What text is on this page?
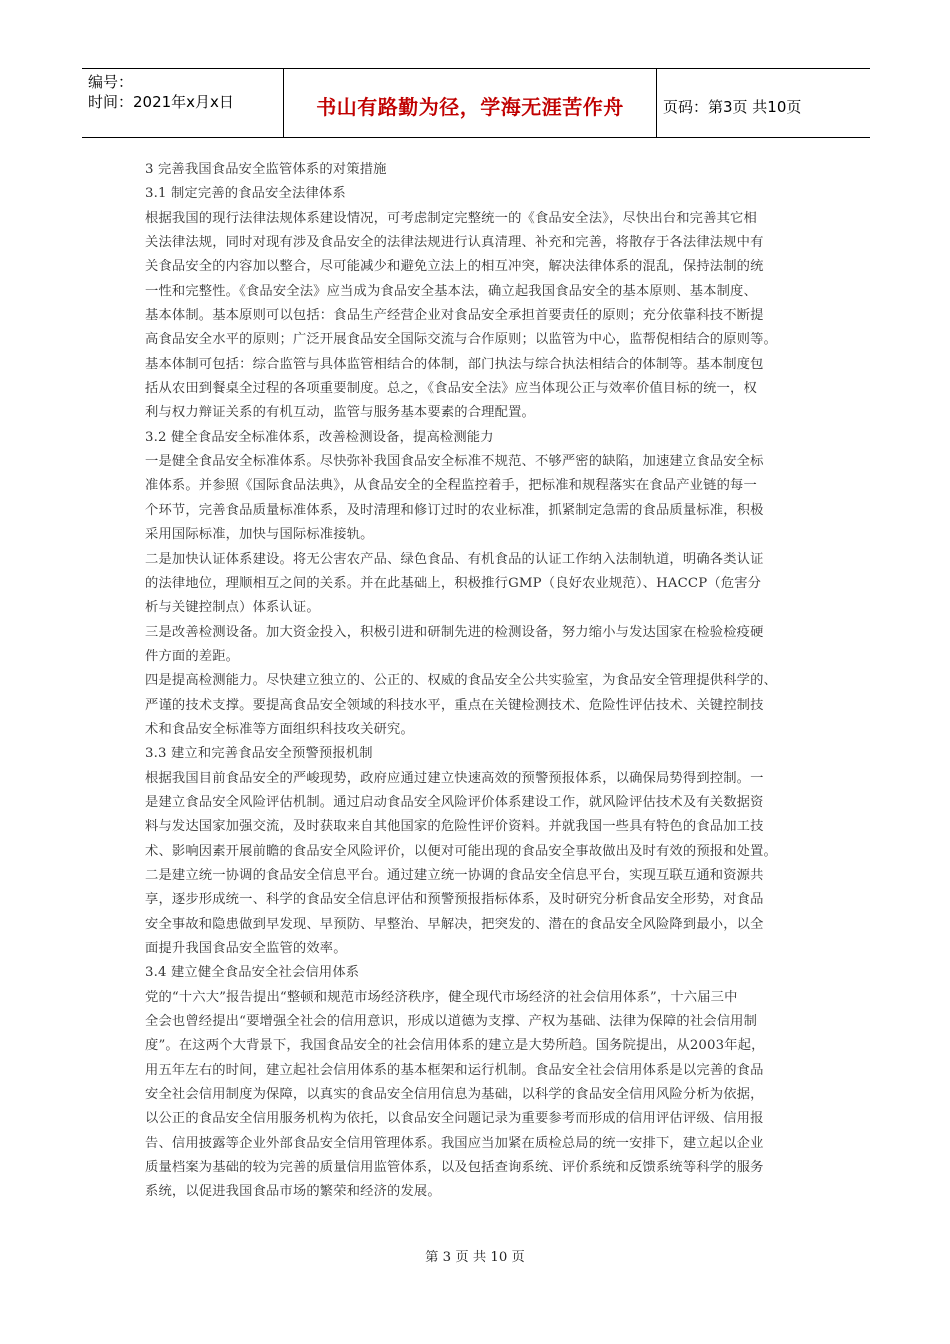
编号：
时间：2021年x月x日	书山有路勤为径，学海无涯苦作舟	页码：第3页 共10页
3 完善我国食品安全监管体系的对策措施
3.1 制定完善的食品安全法律体系
根据我国的现行法律法规体系建设情况，可考虑制定完整统一的《食品安全法》，尽快出台和完善其它相
关法律法规，同时对现有涉及食品安全的法律法规进行认真清理、补充和完善，将散存于各法律法规中有
关食品安全的内容加以整合，尽可能减少和避免立法上的相互冲突，解决法律体系的混乱，保持法制的统
一性和完整性。《食品安全法》应当成为食品安全基本法，确立起我国食品安全的基本原则、基本制度、
基本体制。基本原则可以包括：食品生产经营企业对食品安全承担首要责任的原则；充分依靠科技不断提
高食品安全水平的原则；广泛开展食品安全国际交流与合作原则；以监管为中心，监帮倪相结合的原则等。
基本体制可包括：综合监管与具体监管相结合的体制，部门执法与综合执法相结合的体制等。基本制度包
括从农田到餐桌全过程的各项重要制度。总之，《食品安全法》应当体现公正与效率价值目标的统一，权
利与权力辩证关系的有机互动，监管与服务基本要素的合理配置。
3.2 健全食品安全标准体系，改善检测设备，提高检测能力
一是健全食品安全标准体系。尽快弥补我国食品安全标准不规范、不够严密的缺陷，加速建立食品安全标
准体系。并参照《国际食品法典》，从食品安全的全程监控着手，把标准和规程落实在食品产业链的每一
个环节，完善食品质量标准体系，及时清理和修订过时的农业标准，抓紧制定急需的食品质量标准，积极
采用国际标准，加快与国际标准接轨。
二是加快认证体系建设。将无公害农产品、绿色食品、有机食品的认证工作纳入法制轨道，明确各类认证
的法律地位，理顺相互之间的关系。并在此基础上，积极推行GMP（良好农业规范）、HACCP（危害分
析与关键控制点）体系认证。
三是改善检测设备。加大资金投入，积极引进和研制先进的检测设备，努力缩小与发达国家在检验检疫硬
件方面的差距。
四是提高检测能力。尽快建立独立的、公正的、权威的食品安全公共实验室，为食品安全管理提供科学的、
严谨的技术支撑。要提高食品安全领域的科技水平，重点在关键检测技术、危险性评估技术、关键控制技
术和食品安全标准等方面组织科技攻关研究。
3.3 建立和完善食品安全预警预报机制
根据我国目前食品安全的严峻现势，政府应通过建立快速高效的预警预报体系，以确保局势得到控制。一
是建立食品安全风险评估机制。通过启动食品安全风险评价体系建设工作，就风险评估技术及有关数据资
料与发达国家加强交流，及时获取来自其他国家的危险性评价资料。并就我国一些具有特色的食品加工技
术、影响因素开展前瞻的食品安全风险评价，以便对可能出现的食品安全事故做出及时有效的预报和处置。
二是建立统一协调的食品安全信息平台。通过建立统一协调的食品安全信息平台，实现互联互通和资源共
享，逐步形成统一、科学的食品安全信息评估和预警预报指标体系，及时研究分析食品安全形势，对食品
安全事故和隐患做到早发现、早预防、早整治、早解决，把突发的、潜在的食品安全风险降到最小，以全
面提升我国食品安全监管的效率。
3.4 建立健全食品安全社会信用体系
党的“十六大”报告提出“整顿和规范市场经济秩序，健全现代市场经济的社会信用体系”，十六届三中
全会也曾经提出“要增强全社会的信用意识，形成以道德为支撑、产权为基础、法律为保障的社会信用制
度”。在这两个大背景下，我国食品安全的社会信用体系的建立是大势所趋。国务院提出，从2003年起，
用五年左右的时间，建立起社会信用体系的基本框架和运行机制。食品安全社会信用体系是以完善的食品
安全社会信用制度为保障，以真实的食品安全信用信息为基础，以科学的食品安全信用风险分析为依据，
以公正的食品安全信用服务机构为依托，以食品安全问题记录为重要参考而形成的信用评估评级、信用报
告、信用披露等企业外部食品安全信用管理体系。我国应当加紧在质检总局的统一安排下，建立起以企业
质量档案为基础的较为完善的质量信用监管体系，以及包括查询系统、评价系统和反馈系统等科学的服务
系统，以促进我国食品市场的繁荣和经济的发展。
第 3 页 共 10 页
